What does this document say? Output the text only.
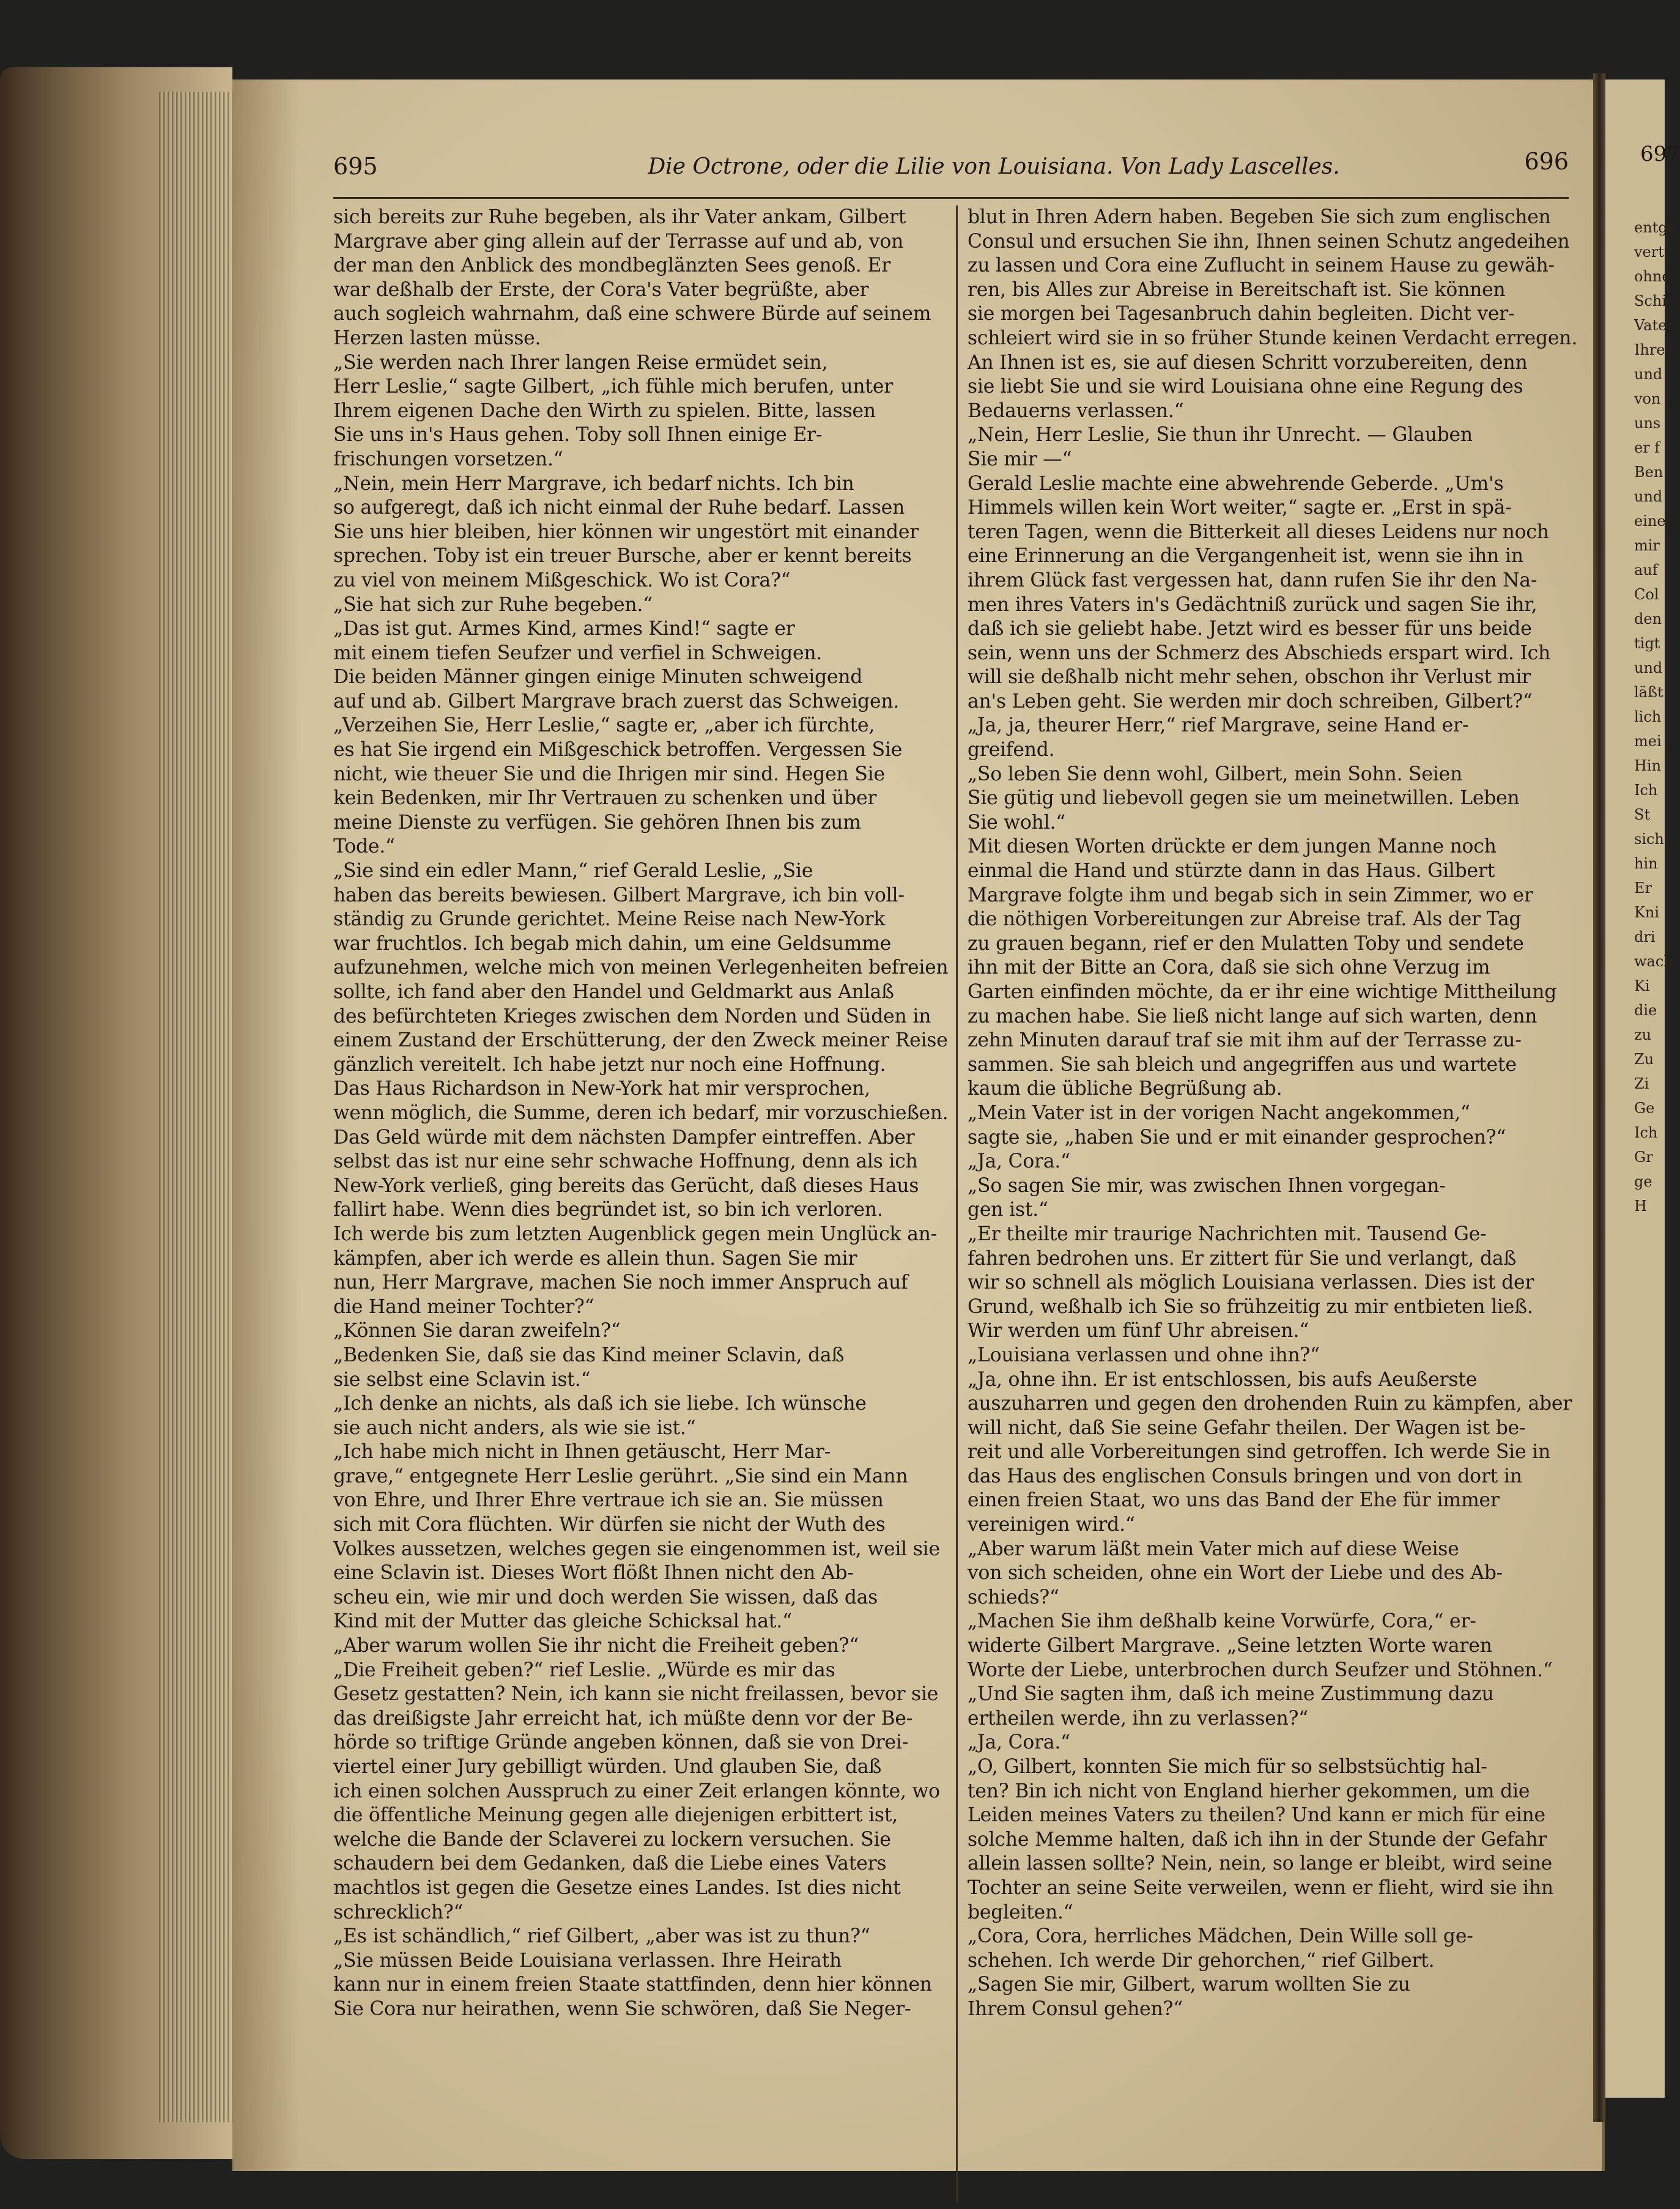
695	Die Octrone, oder die Lilie von Louisiana. Von Lady Lascelles.	696

sich bereits zur Ruhe begeben, als ihr Vater ankam, Gilbert

Margrave aber ging allein auf der Terrasse auf und ab, von

der man den Anblick des mondbeglänzten Sees genoß. Er

war deßhalb der Erste, der Cora's Vater begrüßte, aber

auch sogleich wahrnahm, daß eine schwere Bürde auf seinem

Herzen lasten müsse.

„Sie werden nach Ihrer langen Reise ermüdet sein,

Herr Leslie,“ sagte Gilbert, „ich fühle mich berufen, unter

Ihrem eigenen Dache den Wirth zu spielen. Bitte, lassen

Sie uns in's Haus gehen. Toby soll Ihnen einige Er-

frischungen vorsetzen.“

„Nein, mein Herr Margrave, ich bedarf nichts. Ich bin

so aufgeregt, daß ich nicht einmal der Ruhe bedarf. Lassen

Sie uns hier bleiben, hier können wir ungestört mit einander

sprechen. Toby ist ein treuer Bursche, aber er kennt bereits

zu viel von meinem Mißgeschick. Wo ist Cora?“

„Sie hat sich zur Ruhe begeben.“

„Das ist gut. Armes Kind, armes Kind!“ sagte er

mit einem tiefen Seufzer und verfiel in Schweigen.

Die beiden Männer gingen einige Minuten schweigend

auf und ab. Gilbert Margrave brach zuerst das Schweigen.

„Verzeihen Sie, Herr Leslie,“ sagte er, „aber ich fürchte,

es hat Sie irgend ein Mißgeschick betroffen. Vergessen Sie

nicht, wie theuer Sie und die Ihrigen mir sind. Hegen Sie

kein Bedenken, mir Ihr Vertrauen zu schenken und über

meine Dienste zu verfügen. Sie gehören Ihnen bis zum

Tode.“

„Sie sind ein edler Mann,“ rief Gerald Leslie, „Sie

haben das bereits bewiesen. Gilbert Margrave, ich bin voll-

ständig zu Grunde gerichtet. Meine Reise nach New-York

war fruchtlos. Ich begab mich dahin, um eine Geldsumme

aufzunehmen, welche mich von meinen Verlegenheiten befreien

sollte, ich fand aber den Handel und Geldmarkt aus Anlaß

des befürchteten Krieges zwischen dem Norden und Süden in

einem Zustand der Erschütterung, der den Zweck meiner Reise

gänzlich vereitelt. Ich habe jetzt nur noch eine Hoffnung.

Das Haus Richardson in New-York hat mir versprochen,

wenn möglich, die Summe, deren ich bedarf, mir vorzuschießen.

Das Geld würde mit dem nächsten Dampfer eintreffen. Aber

selbst das ist nur eine sehr schwache Hoffnung, denn als ich

New-York verließ, ging bereits das Gerücht, daß dieses Haus

fallirt habe. Wenn dies begründet ist, so bin ich verloren.

Ich werde bis zum letzten Augenblick gegen mein Unglück an-

kämpfen, aber ich werde es allein thun. Sagen Sie mir

nun, Herr Margrave, machen Sie noch immer Anspruch auf

die Hand meiner Tochter?“

„Können Sie daran zweifeln?“

„Bedenken Sie, daß sie das Kind meiner Sclavin, daß

sie selbst eine Sclavin ist.“

„Ich denke an nichts, als daß ich sie liebe. Ich wünsche

sie auch nicht anders, als wie sie ist.“

„Ich habe mich nicht in Ihnen getäuscht, Herr Mar-

grave,“ entgegnete Herr Leslie gerührt. „Sie sind ein Mann

von Ehre, und Ihrer Ehre vertraue ich sie an. Sie müssen

sich mit Cora flüchten. Wir dürfen sie nicht der Wuth des

Volkes aussetzen, welches gegen sie eingenommen ist, weil sie

eine Sclavin ist. Dieses Wort flößt Ihnen nicht den Ab-

scheu ein, wie mir und doch werden Sie wissen, daß das

Kind mit der Mutter das gleiche Schicksal hat.“

„Aber warum wollen Sie ihr nicht die Freiheit geben?“

„Die Freiheit geben?“ rief Leslie. „Würde es mir das

Gesetz gestatten? Nein, ich kann sie nicht freilassen, bevor sie

das dreißigste Jahr erreicht hat, ich müßte denn vor der Be-

hörde so triftige Gründe angeben können, daß sie von Drei-

viertel einer Jury gebilligt würden. Und glauben Sie, daß

ich einen solchen Ausspruch zu einer Zeit erlangen könnte, wo

die öffentliche Meinung gegen alle diejenigen erbittert ist,

welche die Bande der Sclaverei zu lockern versuchen. Sie

schaudern bei dem Gedanken, daß die Liebe eines Vaters

machtlos ist gegen die Gesetze eines Landes. Ist dies nicht

schrecklich?“

„Es ist schändlich,“ rief Gilbert, „aber was ist zu thun?“

„Sie müssen Beide Louisiana verlassen. Ihre Heirath

kann nur in einem freien Staate stattfinden, denn hier können

Sie Cora nur heirathen, wenn Sie schwören, daß Sie Neger-

blut in Ihren Adern haben. Begeben Sie sich zum englischen

Consul und ersuchen Sie ihn, Ihnen seinen Schutz angedeihen

zu lassen und Cora eine Zuflucht in seinem Hause zu gewäh-

ren, bis Alles zur Abreise in Bereitschaft ist. Sie können

sie morgen bei Tagesanbruch dahin begleiten. Dicht ver-

schleiert wird sie in so früher Stunde keinen Verdacht erregen.

An Ihnen ist es, sie auf diesen Schritt vorzubereiten, denn

sie liebt Sie und sie wird Louisiana ohne eine Regung des

Bedauerns verlassen.“

„Nein, Herr Leslie, Sie thun ihr Unrecht. — Glauben

Sie mir —“

Gerald Leslie machte eine abwehrende Geberde. „Um's

Himmels willen kein Wort weiter,“ sagte er. „Erst in spä-

teren Tagen, wenn die Bitterkeit all dieses Leidens nur noch

eine Erinnerung an die Vergangenheit ist, wenn sie ihn in

ihrem Glück fast vergessen hat, dann rufen Sie ihr den Na-

men ihres Vaters in's Gedächtniß zurück und sagen Sie ihr,

daß ich sie geliebt habe. Jetzt wird es besser für uns beide

sein, wenn uns der Schmerz des Abschieds erspart wird. Ich

will sie deßhalb nicht mehr sehen, obschon ihr Verlust mir

an's Leben geht. Sie werden mir doch schreiben, Gilbert?“

„Ja, ja, theurer Herr,“ rief Margrave, seine Hand er-

greifend.

„So leben Sie denn wohl, Gilbert, mein Sohn. Seien

Sie gütig und liebevoll gegen sie um meinetwillen. Leben

Sie wohl.“

Mit diesen Worten drückte er dem jungen Manne noch

einmal die Hand und stürzte dann in das Haus. Gilbert

Margrave folgte ihm und begab sich in sein Zimmer, wo er

die nöthigen Vorbereitungen zur Abreise traf. Als der Tag

zu grauen begann, rief er den Mulatten Toby und sendete

ihn mit der Bitte an Cora, daß sie sich ohne Verzug im

Garten einfinden möchte, da er ihr eine wichtige Mittheilung

zu machen habe. Sie ließ nicht lange auf sich warten, denn

zehn Minuten darauf traf sie mit ihm auf der Terrasse zu-

sammen. Sie sah bleich und angegriffen aus und wartete

kaum die übliche Begrüßung ab.

„Mein Vater ist in der vorigen Nacht angekommen,“

sagte sie, „haben Sie und er mit einander gesprochen?“

„Ja, Cora.“

„So sagen Sie mir, was zwischen Ihnen vorgegan-

gen ist.“

„Er theilte mir traurige Nachrichten mit. Tausend Ge-

fahren bedrohen uns. Er zittert für Sie und verlangt, daß

wir so schnell als möglich Louisiana verlassen. Dies ist der

Grund, weßhalb ich Sie so frühzeitig zu mir entbieten ließ.

Wir werden um fünf Uhr abreisen.“

„Louisiana verlassen und ohne ihn?“

„Ja, ohne ihn. Er ist entschlossen, bis aufs Aeußerste

auszuharren und gegen den drohenden Ruin zu kämpfen, aber

will nicht, daß Sie seine Gefahr theilen. Der Wagen ist be-

reit und alle Vorbereitungen sind getroffen. Ich werde Sie in

das Haus des englischen Consuls bringen und von dort in

einen freien Staat, wo uns das Band der Ehe für immer

vereinigen wird.“

„Aber warum läßt mein Vater mich auf diese Weise

von sich scheiden, ohne ein Wort der Liebe und des Ab-

schieds?“

„Machen Sie ihm deßhalb keine Vorwürfe, Cora,“ er-

widerte Gilbert Margrave. „Seine letzten Worte waren

Worte der Liebe, unterbrochen durch Seufzer und Stöhnen.“

„Und Sie sagten ihm, daß ich meine Zustimmung dazu

ertheilen werde, ihn zu verlassen?“

„Ja, Cora.“

„O, Gilbert, konnten Sie mich für so selbstsüchtig hal-

ten? Bin ich nicht von England hierher gekommen, um die

Leiden meines Vaters zu theilen? Und kann er mich für eine

solche Memme halten, daß ich ihn in der Stunde der Gefahr

allein lassen sollte? Nein, nein, so lange er bleibt, wird seine

Tochter an seine Seite verweilen, wenn er flieht, wird sie ihn

begleiten.“

„Cora, Cora, herrliches Mädchen, Dein Wille soll ge-

schehen. Ich werde Dir gehorchen,“ rief Gilbert.

„Sagen Sie mir, Gilbert, warum wollten Sie zu

Ihrem Consul gehen?“

697

entge

vertr

ohne

Schi

Vater

Ihre

und

von

uns

er f

Ben

und

einer

mir

auf

Col

den

tigt

und

läßt

lich

mei

Hin

Ich

St

sich

hin

Er

Kni

dri

wach

Ki

die

zu

Zu

Zi

Ge

Ich

Gr

ge

H
